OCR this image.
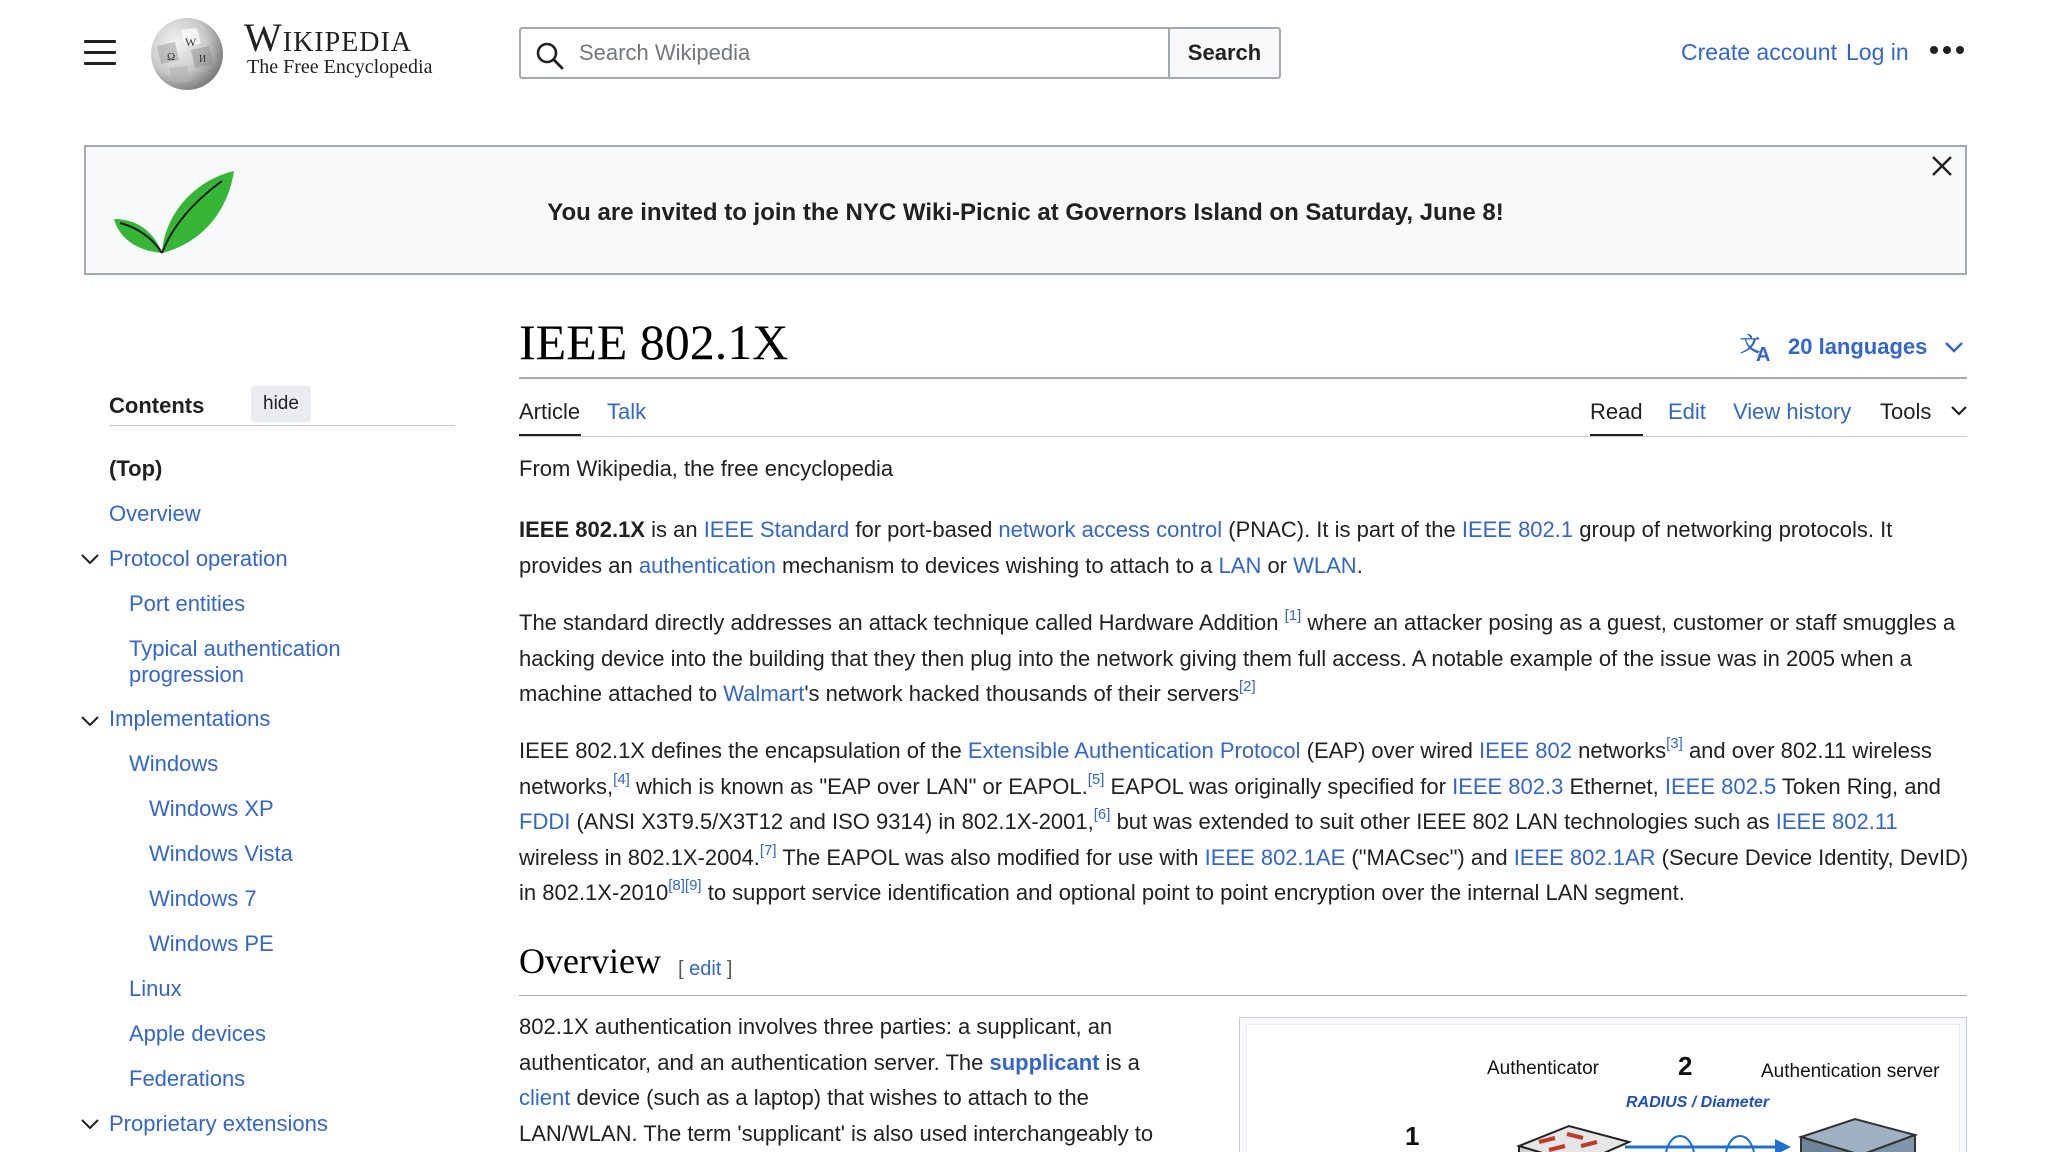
W
Ω И Wikipedia
The Free Encyclopedia
Search Wikipedia
Search	Create account Log in
You are invited to join the NYC Wiki-Picnic at Governors Island on Saturday, June 8!
Contents	hide
(Top)
Overview
Protocol operation
Port entities
Typical authentication progression
Implementations
Windows
Windows XP
Windows Vista
Windows 7
Windows PE
Linux
Apple devices
Federations
Proprietary extensions
IEEE 802.1X	文
A 20 languages
Article Talk	Read Edit View history Tools
From Wikipedia, the free encyclopedia

IEEE 802.1X is an IEEE Standard for port-based network access control (PNAC). It is part of the IEEE 802.1 group of networking protocols. It provides an authentication mechanism to devices wishing to attach to a LAN or WLAN.

The standard directly addresses an attack technique called Hardware Addition [1] where an attacker posing as a guest, customer or staff smuggles a hacking device into the building that they then plug into the network giving them full access. A notable example of the issue was in 2005 when a machine attached to Walmart's network hacked thousands of their servers[2]

IEEE 802.1X defines the encapsulation of the Extensible Authentication Protocol (EAP) over wired IEEE 802 networks[3] and over 802.11 wireless networks,[4] which is known as "EAP over LAN" or EAPOL.[5] EAPOL was originally specified for IEEE 802.3 Ethernet, IEEE 802.5 Token Ring, and FDDI (ANSI X3T9.5/X3T12 and ISO 9314) in 802.1X-2001,[6] but was extended to suit other IEEE 802 LAN technologies such as IEEE 802.11 wireless in 802.1X-2004.[7] The EAPOL was also modified for use with IEEE 802.1AE ("MACsec") and IEEE 802.1AR (Secure Device Identity, DevID) in 802.1X-2010[8][9] to support service identification and optional point to point encryption over the internal LAN segment.

Overview [ edit ]

802.1X authentication involves three parties: a supplicant, an authenticator, and an authentication server. The supplicant is a client device (such as a laptop) that wishes to attach to the LAN/WLAN. The term 'supplicant' is also used interchangeably to

Authenticator	2	Authentication server
RADIUS / Diameter
1
